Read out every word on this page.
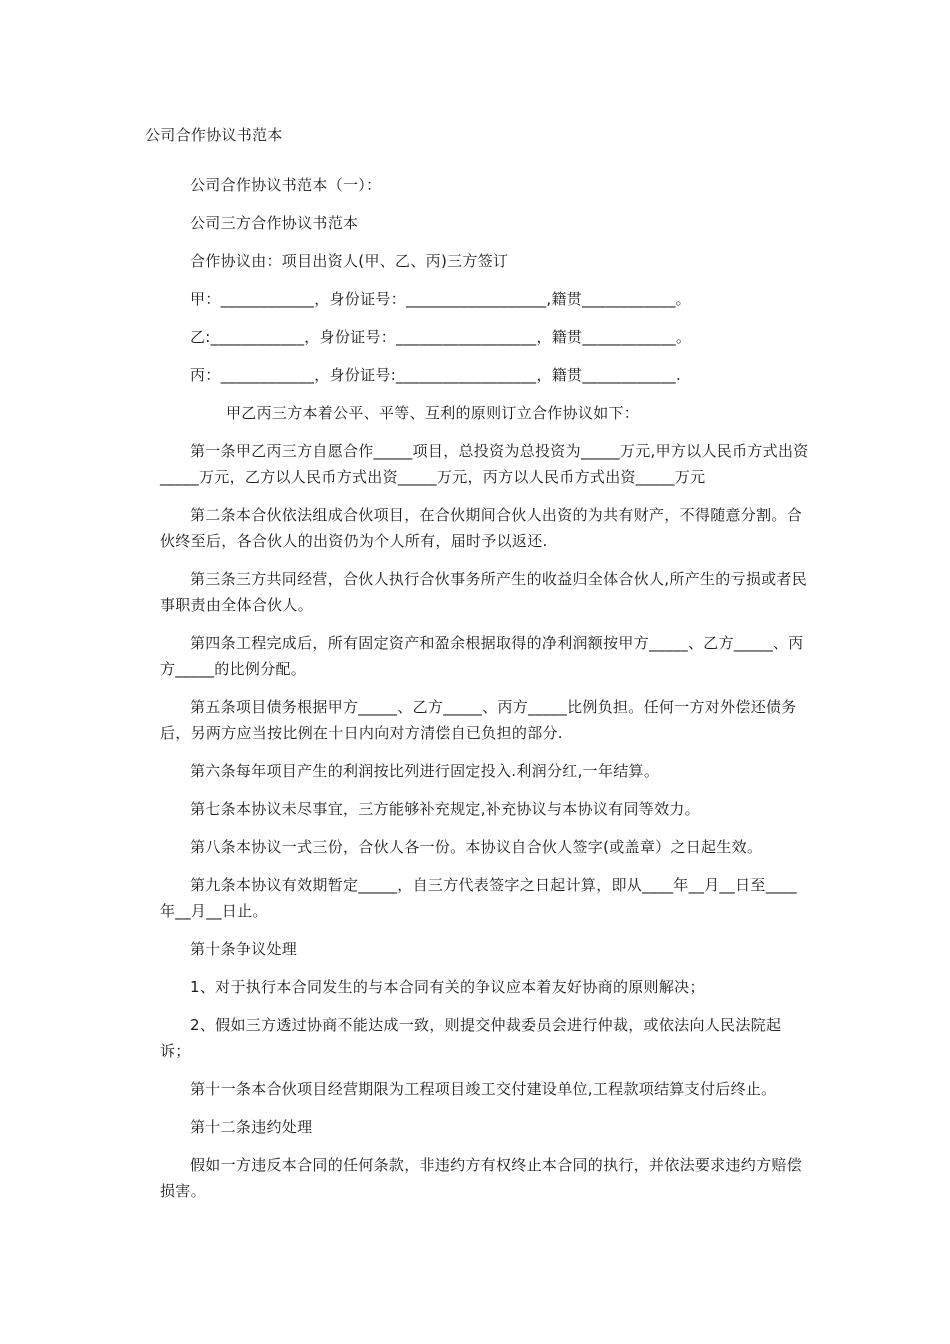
公司合作协议书范本

公司合作协议书范本（一）：

公司三方合作协议书范本

合作协议由：项目出资人(甲、乙、丙)三方签订

甲：____________，身份证号：__________________,籍贯____________。

乙:____________，身份证号：__________________，籍贯____________。

丙：____________，身份证号:__________________，籍贯____________.

甲乙丙三方本着公平、平等、互利的原则订立合作协议如下：

第一条甲乙丙三方自愿合作_____项目，总投资为总投资为_____万元,甲方以人民币方式出资_____万元，乙方以人民币方式出资_____万元，丙方以人民币方式出资_____万元

第二条本合伙依法组成合伙项目，在合伙期间合伙人出资的为共有财产，不得随意分割。合伙终至后，各合伙人的出资仍为个人所有，届时予以返还.

第三条三方共同经营，合伙人执行合伙事务所产生的收益归全体合伙人,所产生的亏损或者民事职责由全体合伙人。

第四条工程完成后，所有固定资产和盈余根据取得的净利润额按甲方_____、乙方_____、丙方_____的比例分配。

第五条项目债务根据甲方_____、乙方_____、丙方_____比例负担。任何一方对外偿还债务后，另两方应当按比例在十日内向对方清偿自已负担的部分.

第六条每年项目产生的利润按比列进行固定投入.利润分红,一年结算。

第七条本协议未尽事宜，三方能够补充规定,补充协议与本协议有同等效力。

第八条本协议一式三份，合伙人各一份。本协议自合伙人签字(或盖章）之日起生效。

第九条本协议有效期暂定_____，自三方代表签字之日起计算，即从____年__月__日至____年__月__日止。

第十条争议处理

1、对于执行本合同发生的与本合同有关的争议应本着友好协商的原则解决；

2、假如三方透过协商不能达成一致，则提交仲裁委员会进行仲裁，或依法向人民法院起诉；

第十一条本合伙项目经营期限为工程项目竣工交付建设单位,工程款项结算支付后终止。

第十二条违约处理

假如一方违反本合同的任何条款，非违约方有权终止本合同的执行，并依法要求违约方赔偿损害。
